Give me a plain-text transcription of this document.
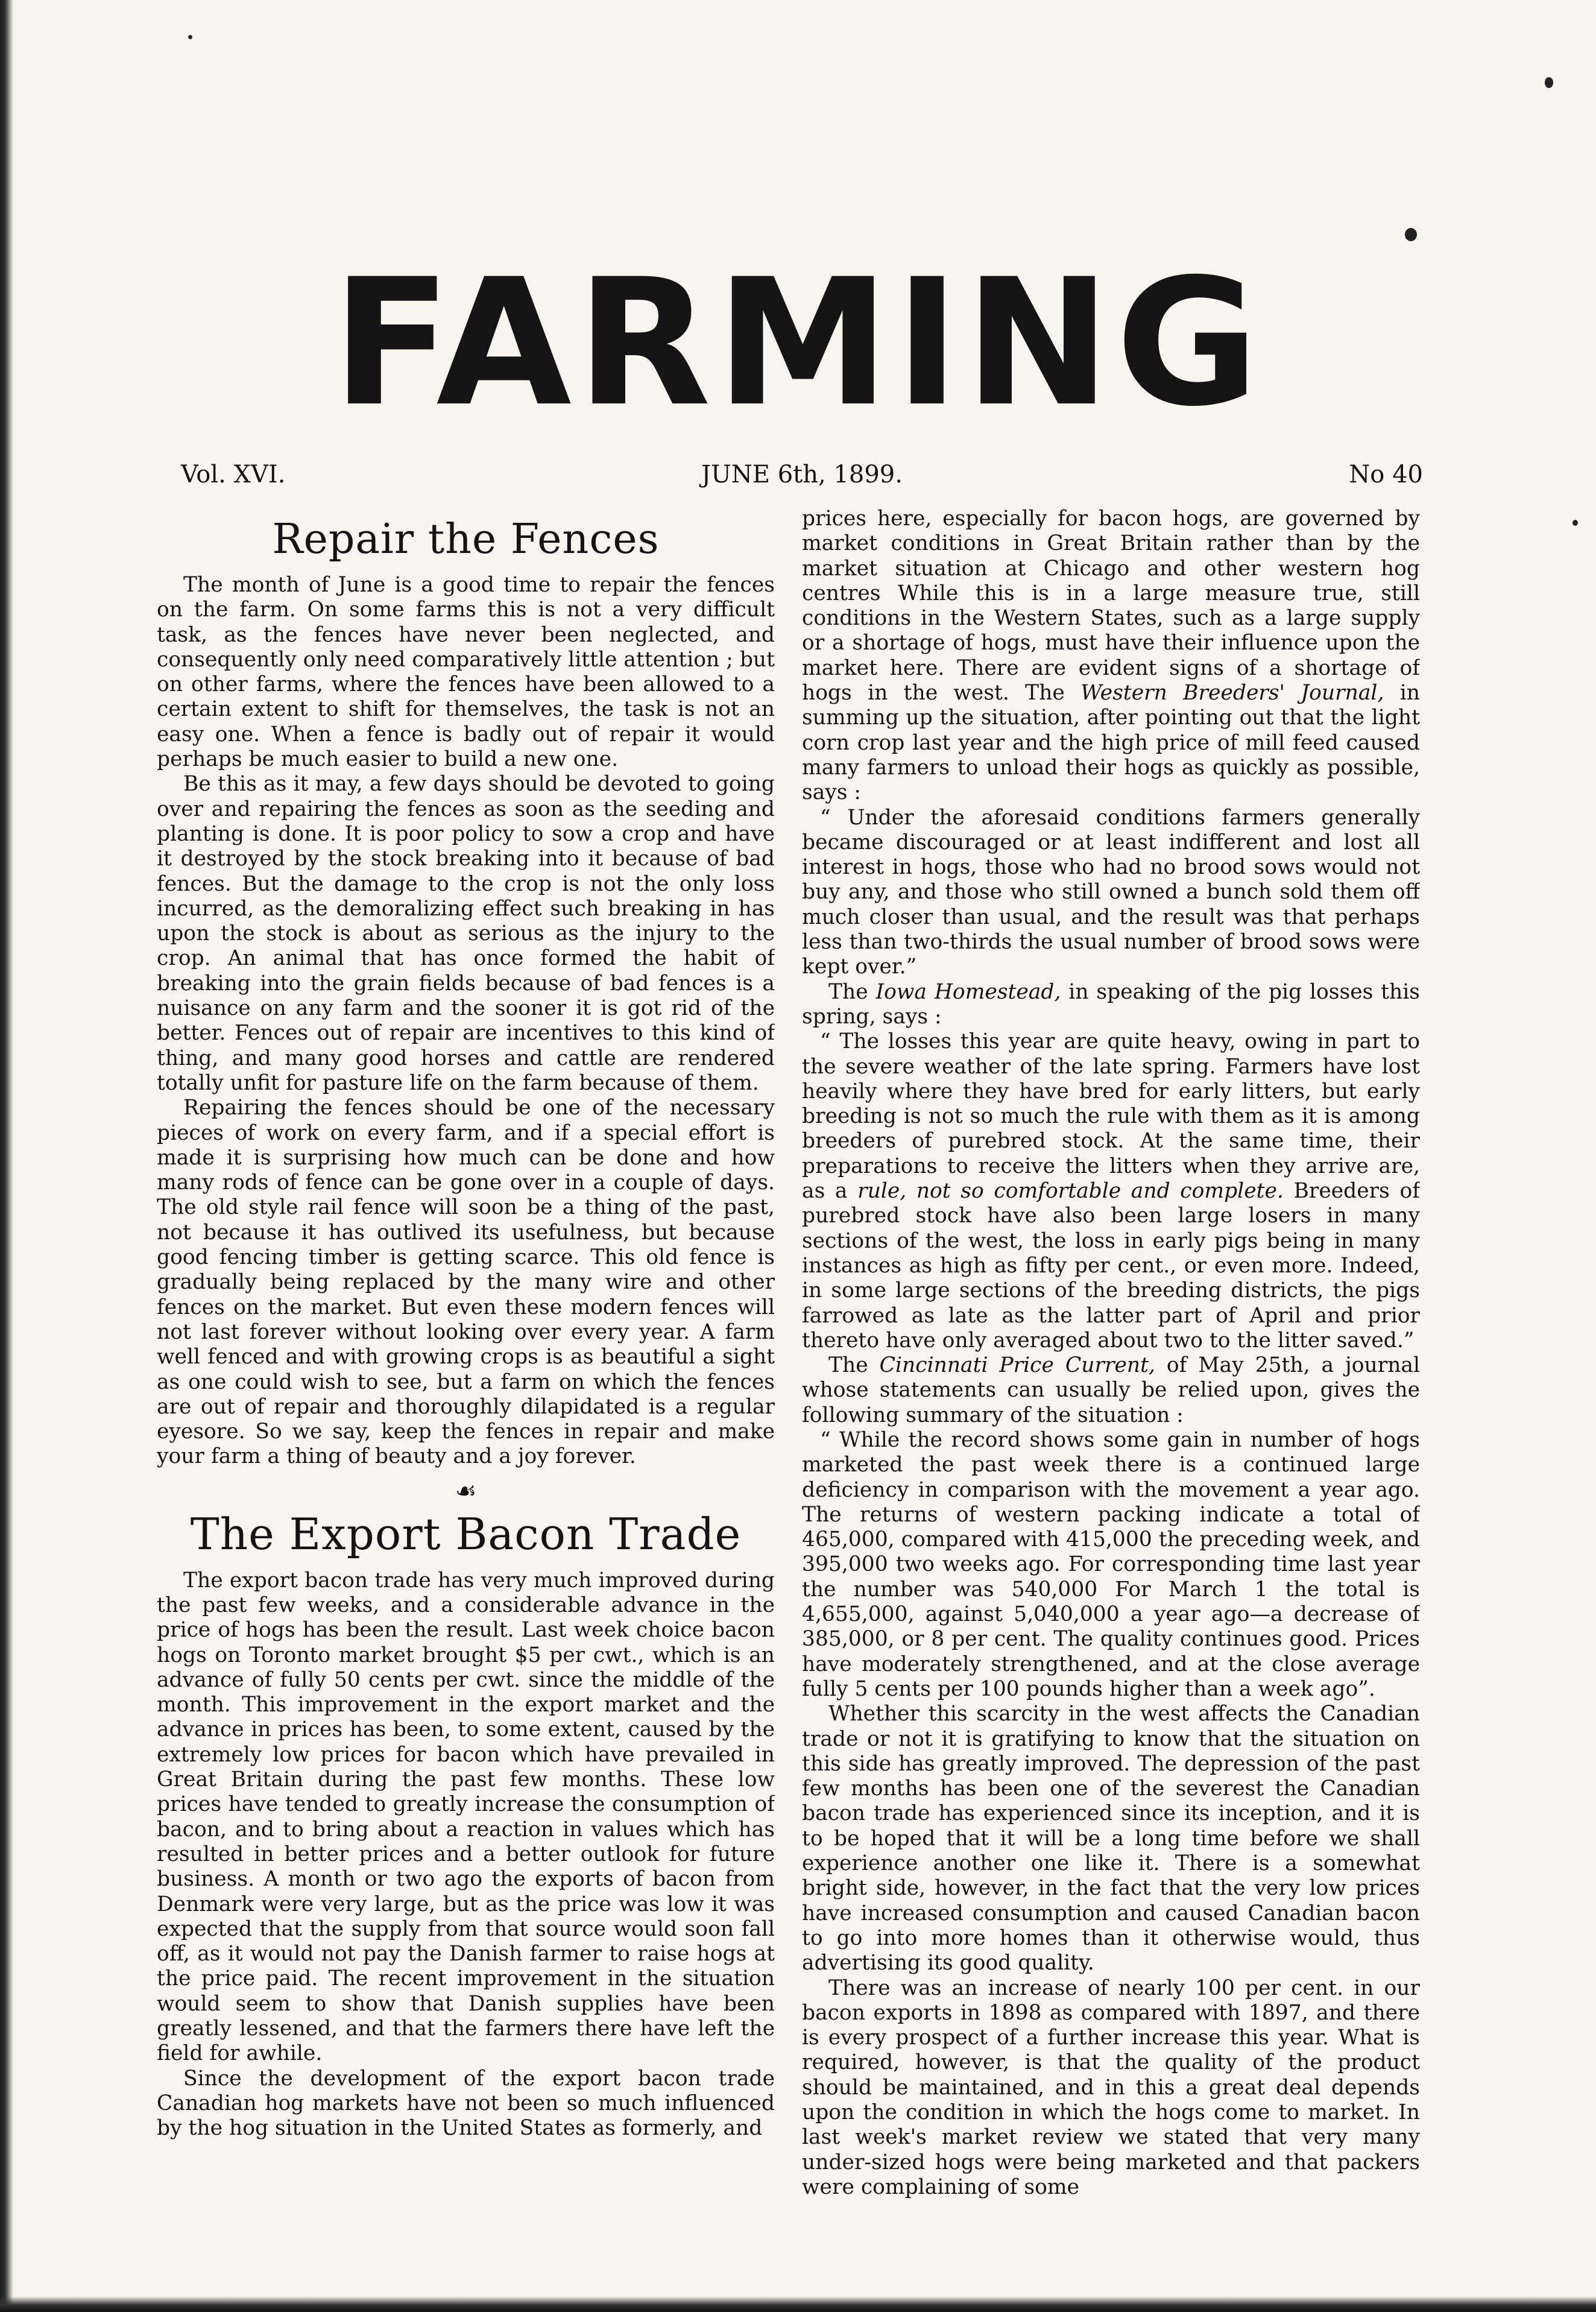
FARMING
Vol. XVI.	JUNE 6th, 1899.	No 40
Repair the Fences

The month of June is a good time to repair the fences on the farm. On some farms this is not a very difficult task, as the fences have never been neglected, and consequently only need comparatively little attention ; but on other farms, where the fences have been allowed to a certain extent to shift for themselves, the task is not an easy one. When a fence is badly out of repair it would perhaps be much easier to build a new one.

Be this as it may, a few days should be devoted to going over and repairing the fences as soon as the seeding and planting is done. It is poor policy to sow a crop and have it destroyed by the stock breaking into it because of bad fences. But the damage to the crop is not the only loss incurred, as the demoralizing effect such breaking in has upon the stock is about as serious as the injury to the crop. An animal that has once formed the habit of breaking into the grain fields because of bad fences is a nuisance on any farm and the sooner it is got rid of the better. Fences out of repair are incentives to this kind of thing, and many good horses and cattle are rendered totally unfit for pasture life on the farm because of them.

Repairing the fences should be one of the necessary pieces of work on every farm, and if a special effort is made it is surprising how much can be done and how many rods of fence can be gone over in a couple of days. The old style rail fence will soon be a thing of the past, not because it has outlived its usefulness, but because good fencing timber is getting scarce. This old fence is gradually being replaced by the many wire and other fences on the market. But even these modern fences will not last forever without looking over every year. A farm well fenced and with growing crops is as beautiful a sight as one could wish to see, but a farm on which the fences are out of repair and thoroughly dilapidated is a regular eyesore. So we say, keep the fences in repair and make your farm a thing of beauty and a joy forever.

☙
The Export Bacon Trade

The export bacon trade has very much improved during the past few weeks, and a considerable advance in the price of hogs has been the result. Last week choice bacon hogs on Toronto market brought $5 per cwt., which is an advance of fully 50 cents per cwt. since the middle of the month. This improvement in the export market and the advance in prices has been, to some extent, caused by the extremely low prices for bacon which have prevailed in Great Britain during the past few months. These low prices have tended to greatly increase the consumption of bacon, and to bring about a reaction in values which has resulted in better prices and a better outlook for future business. A month or two ago the exports of bacon from Denmark were very large, but as the price was low it was expected that the supply from that source would soon fall off, as it would not pay the Danish farmer to raise hogs at the price paid. The recent improvement in the situation would seem to show that Danish supplies have been greatly lessened, and that the farmers there have left the field for awhile.

Since the development of the export bacon trade Canadian hog markets have not been so much influenced by the hog situation in the United States as formerly, and

prices here, especially for bacon hogs, are governed by market conditions in Great Britain rather than by the market situation at Chicago and other western hog centres While this is in a large measure true, still conditions in the Western States, such as a large supply or a shortage of hogs, must have their influence upon the market here. There are evident signs of a shortage of hogs in the west. The Western Breeders' Journal, in summing up the situation, after pointing out that the light corn crop last year and the high price of mill feed caused many farmers to unload their hogs as quickly as possible, says :

“ Under the aforesaid conditions farmers generally became discouraged or at least indifferent and lost all interest in hogs, those who had no brood sows would not buy any, and those who still owned a bunch sold them off much closer than usual, and the result was that perhaps less than two-thirds the usual number of brood sows were kept over.”

The Iowa Homestead, in speaking of the pig losses this spring, says :

“ The losses this year are quite heavy, owing in part to the severe weather of the late spring. Farmers have lost heavily where they have bred for early litters, but early breeding is not so much the rule with them as it is among breeders of purebred stock. At the same time, their preparations to receive the litters when they arrive are, as a rule, not so comfortable and complete. Breeders of purebred stock have also been large losers in many sections of the west, the loss in early pigs being in many instances as high as fifty per cent., or even more. Indeed, in some large sections of the breeding districts, the pigs farrowed as late as the latter part of April and prior thereto have only averaged about two to the litter saved.”

The Cincinnati Price Current, of May 25th, a journal whose statements can usually be relied upon, gives the following summary of the situation :

“ While the record shows some gain in number of hogs marketed the past week there is a continued large deficiency in comparison with the movement a year ago. The returns of western packing indicate a total of 465,000, compared with 415,000 the preceding week, and 395,000 two weeks ago. For corresponding time last year the number was 540,000 For March 1 the total is 4,655,000, against 5,040,000 a year ago—a decrease of 385,000, or 8 per cent. The quality continues good. Prices have moderately strengthened, and at the close average fully 5 cents per 100 pounds higher than a week ago”.

Whether this scarcity in the west affects the Canadian trade or not it is gratifying to know that the situation on this side has greatly improved. The depression of the past few months has been one of the severest the Canadian bacon trade has experienced since its inception, and it is to be hoped that it will be a long time before we shall experience another one like it. There is a somewhat bright side, however, in the fact that the very low prices have increased consumption and caused Canadian bacon to go into more homes than it otherwise would, thus advertising its good quality.

There was an increase of nearly 100 per cent. in our bacon exports in 1898 as compared with 1897, and there is every prospect of a further increase this year. What is required, however, is that the quality of the product should be maintained, and in this a great deal depends upon the condition in which the hogs come to market. In last week's market review we stated that very many under-sized hogs were being marketed and that packers were complaining of some
